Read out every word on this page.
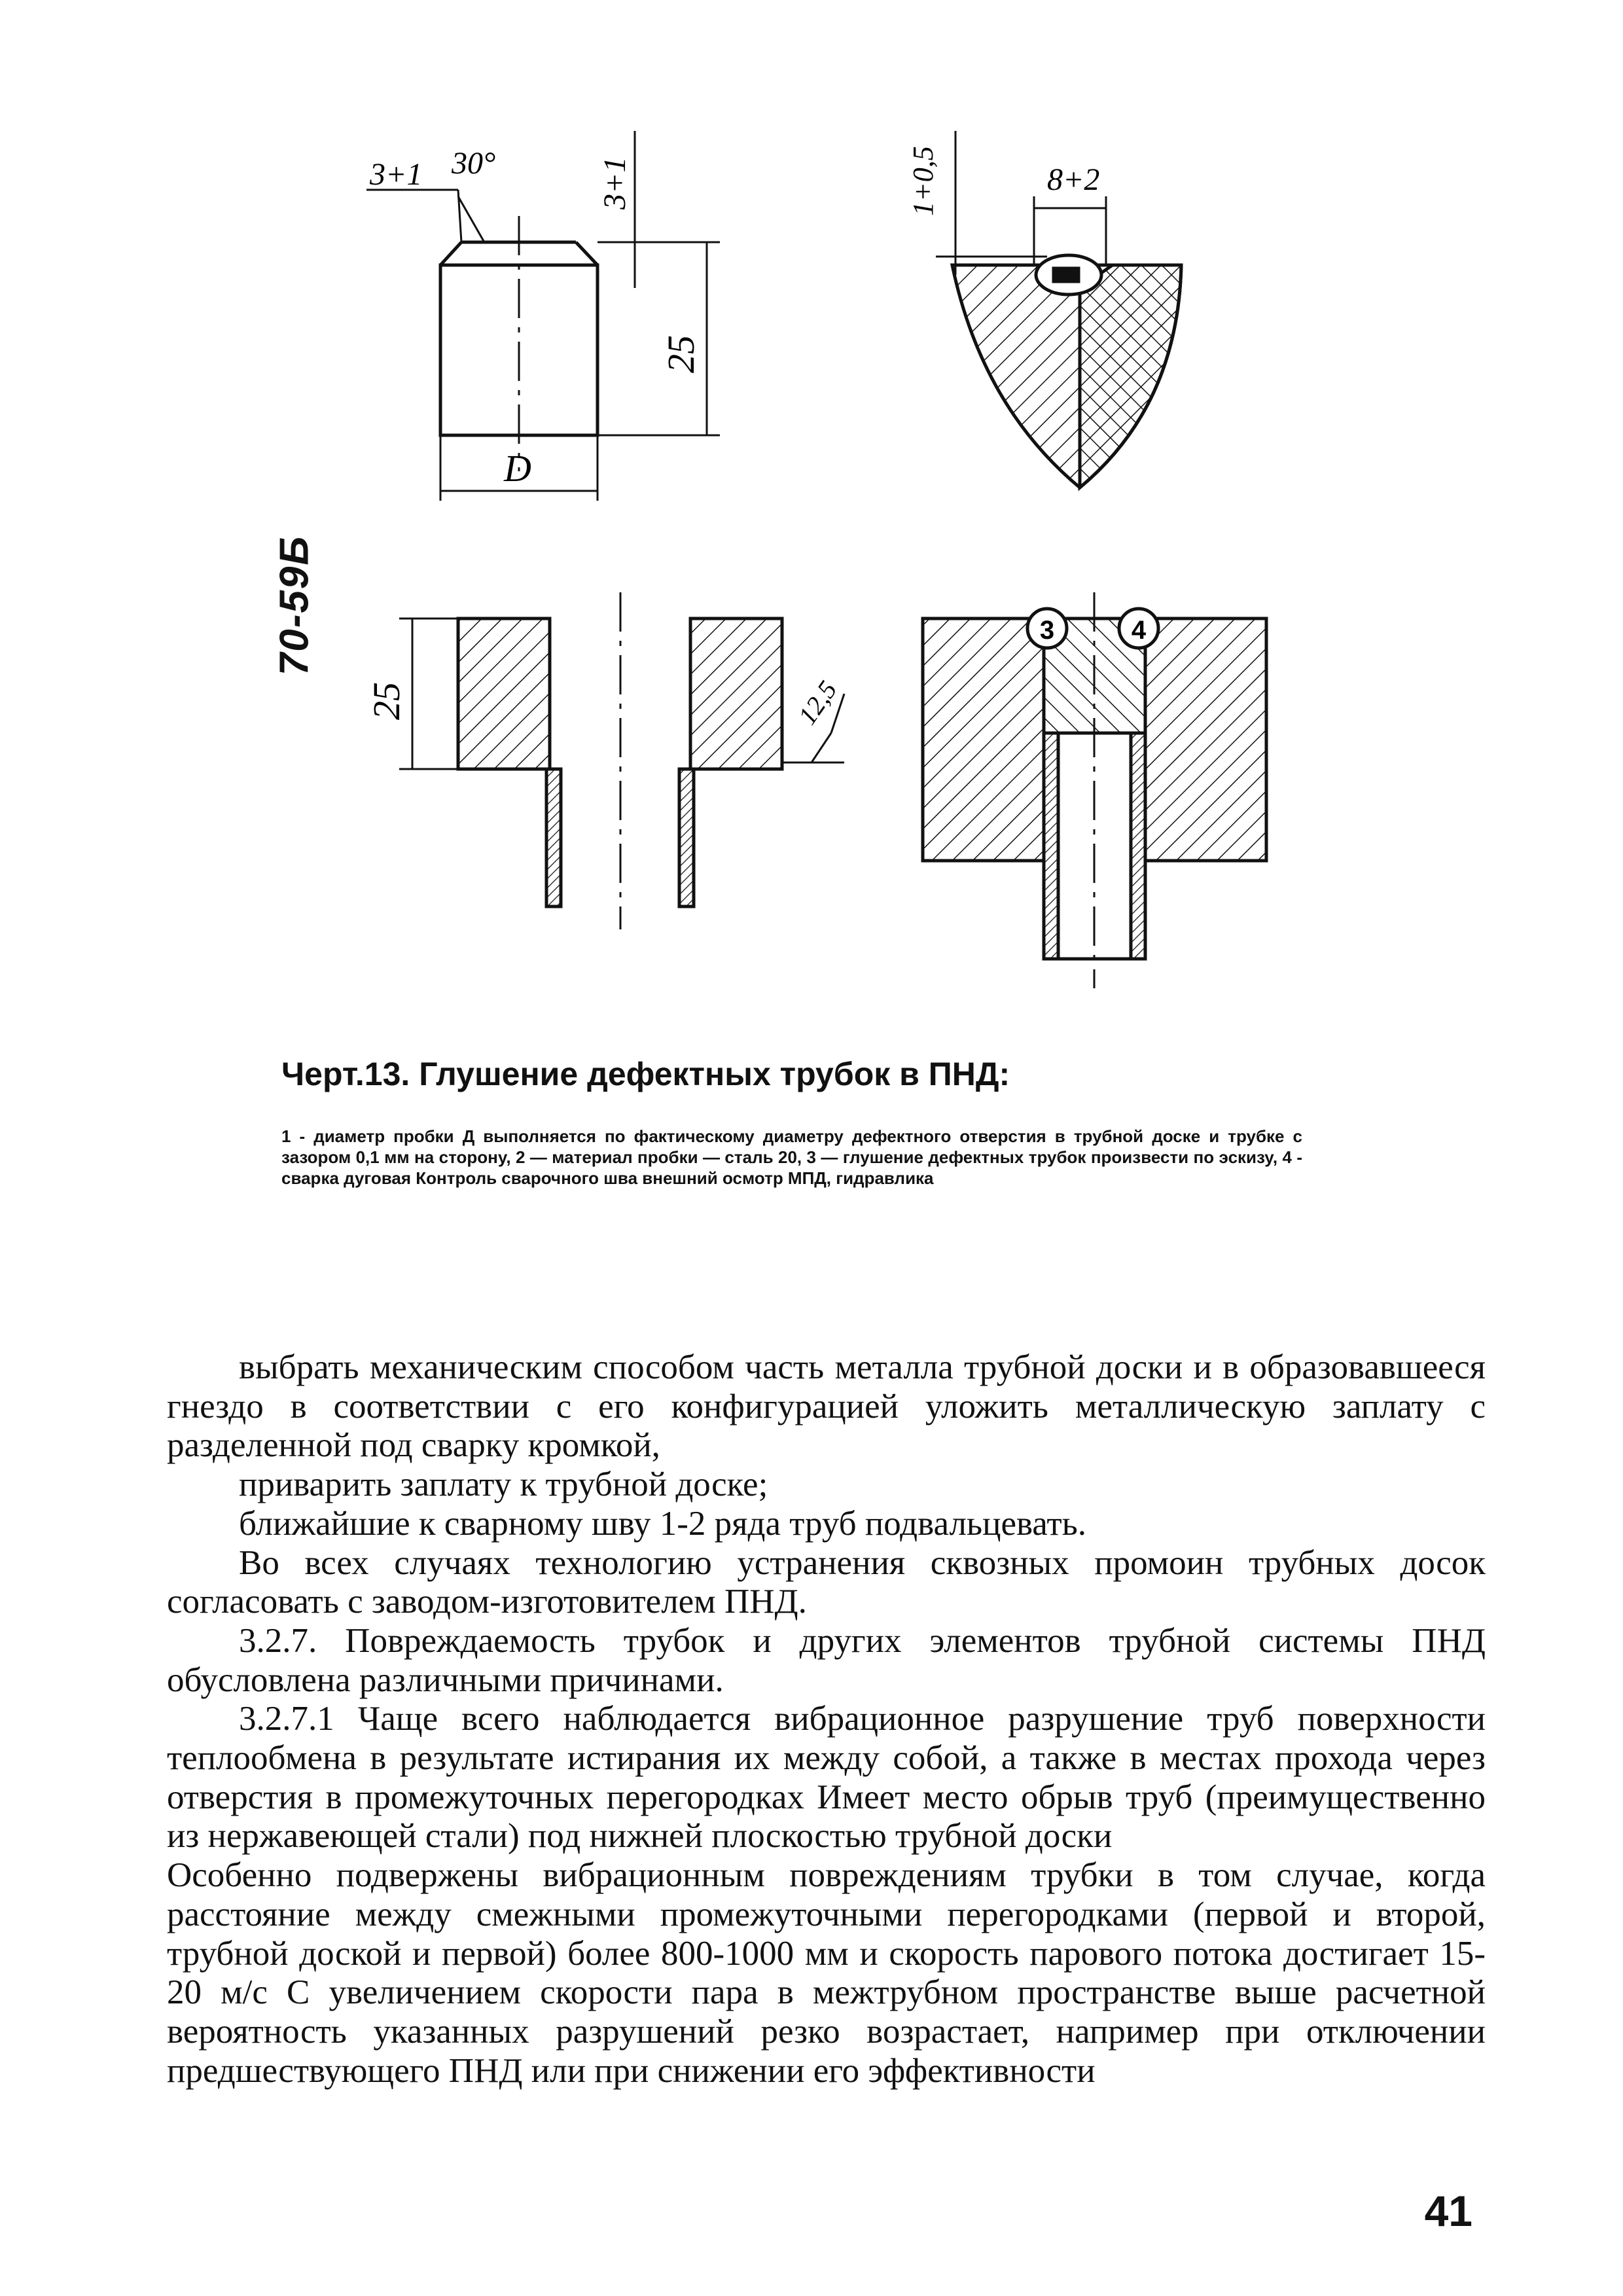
70-59Б
3+1 30°	3+1
25
D
1+0,5	8+2
25	12,5
3	4
Черт.13. Глушение дефектных трубок в ПНД:

1 - диаметр пробки Д выполняется по фактическому диаметру дефектного отверстия в трубной доске и трубке с зазором 0,1 мм на сторону, 2 — материал пробки — сталь 20, 3 — глушение дефектных трубок произвести по эскизу, 4 - сварка дуговая Контроль сварочного шва внешний осмотр МПД, гидравлика

выбрать механическим способом часть металла трубной доски и в образовавшееся гнездо в соответствии с его конфигурацией уложить металлическую заплату с разделенной под сварку кромкой,

приварить заплату к трубной доске;

ближайшие к сварному шву 1-2 ряда труб подвальцевать.

Во всех случаях технологию устранения сквозных промоин трубных досок согласовать с заводом-изготовителем ПНД.

3.2.7. Повреждаемость трубок и других элементов трубной системы ПНД обусловлена различными причинами.

3.2.7.1 Чаще всего наблюдается вибрационное разрушение труб поверхности теплообмена в результате истирания их между собой, а также в местах прохода через отверстия в промежуточных перегородках Имеет место обрыв труб (преимущественно из нержавеющей стали) под нижней плоскостью трубной доски

Особенно подвержены вибрационным повреждениям трубки в том случае, когда расстояние между смежными промежуточными перегородками (первой и второй, трубной доской и первой) более 800-1000 мм и скорость парового потока достигает 15-20 м/с С увеличением скорости пара в межтрубном пространстве выше расчетной вероятность указанных разрушений резко возрастает, например при отключении предшествующего ПНД или при снижении его эффективности

41
